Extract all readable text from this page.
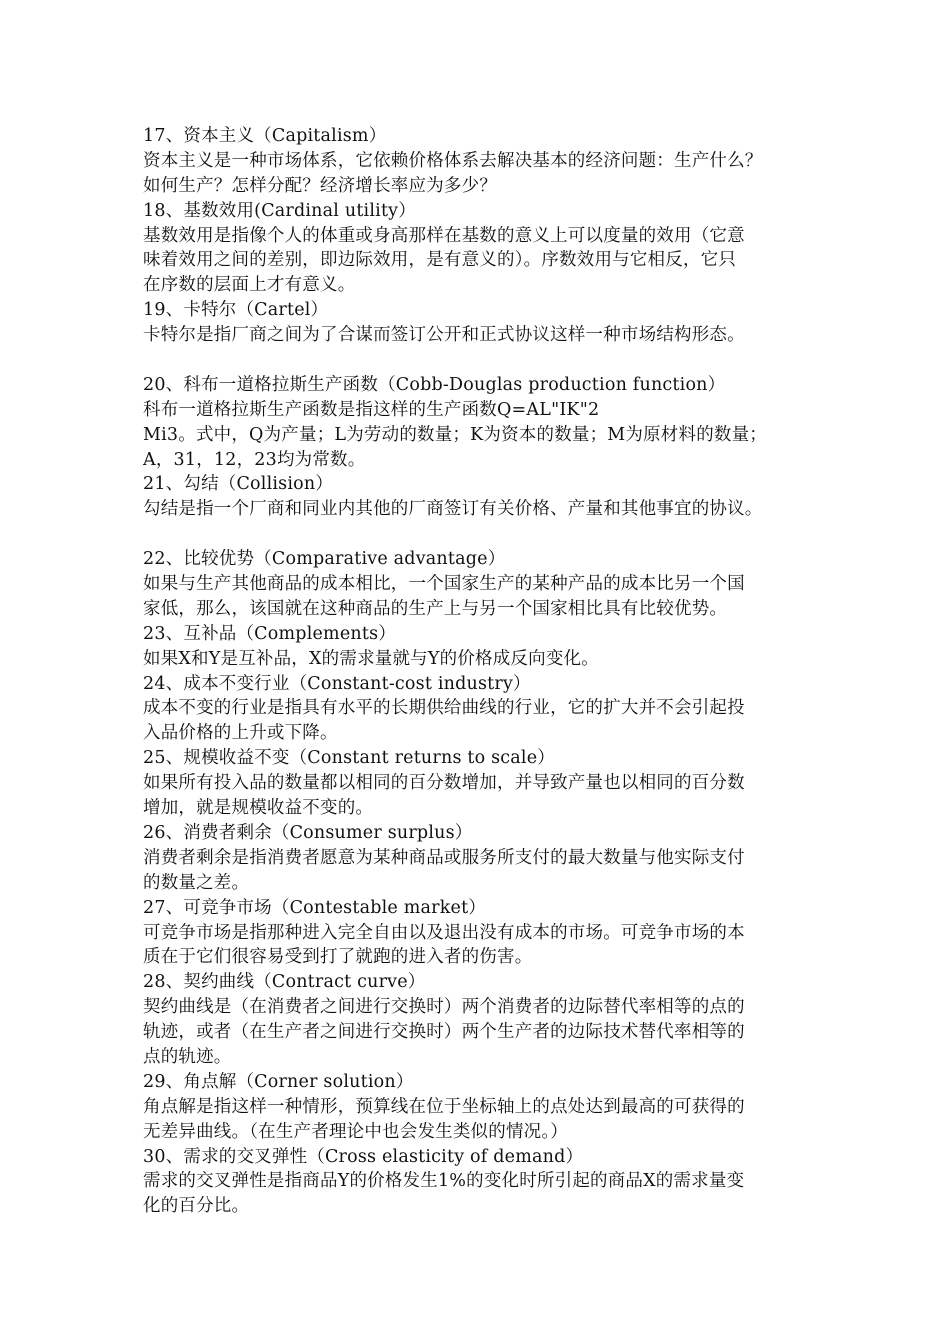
17、资本主义（Capitalism）
资本主义是一种市场体系，它依赖价格体系去解决基本的经济问题：生产什么？
如何生产？怎样分配？经济增长率应为多少？
18、基数效用(Cardinal utility）
基数效用是指像个人的体重或身高那样在基数的意义上可以度量的效用（它意
味着效用之间的差别，即边际效用，是有意义的）。序数效用与它相反，它只
在序数的层面上才有意义。
19、卡特尔（Cartel）
卡特尔是指厂商之间为了合谋而签订公开和正式协议这样一种市场结构形态。
20、科布一道格拉斯生产函数（Cobb-Douglas production function）
科布一道格拉斯生产函数是指这样的生产函数Q=AL"IK"2
Mi3。式中，Q为产量；L为劳动的数量；K为资本的数量；M为原材料的数量；
A，31，12，23均为常数。
21、勾结（Collision）
勾结是指一个厂商和同业内其他的厂商签订有关价格、产量和其他事宜的协议。
22、比较优势（Comparative advantage）
如果与生产其他商品的成本相比，一个国家生产的某种产品的成本比另一个国
家低，那么，该国就在这种商品的生产上与另一个国家相比具有比较优势。
23、互补品（Complements）
如果X和Y是互补品，X的需求量就与Y的价格成反向变化。
24、成本不变行业（Constant-cost industry）
成本不变的行业是指具有水平的长期供给曲线的行业，它的扩大并不会引起投
入品价格的上升或下降。
25、规模收益不变（Constant returns to scale）
如果所有投入品的数量都以相同的百分数增加，并导致产量也以相同的百分数
增加，就是规模收益不变的。
26、消费者剩余（Consumer surplus）
消费者剩余是指消费者愿意为某种商品或服务所支付的最大数量与他实际支付
的数量之差。
27、可竞争市场（Contestable market）
可竞争市场是指那种进入完全自由以及退出没有成本的市场。可竞争市场的本
质在于它们很容易受到打了就跑的进入者的伤害。
28、契约曲线（Contract curve）
契约曲线是（在消费者之间进行交换时）两个消费者的边际替代率相等的点的
轨迹，或者（在生产者之间进行交换时）两个生产者的边际技术替代率相等的
点的轨迹。
29、角点解（Corner solution）
角点解是指这样一种情形，预算线在位于坐标轴上的点处达到最高的可获得的
无差异曲线。（在生产者理论中也会发生类似的情况。）
30、需求的交叉弹性（Cross elasticity of demand）
需求的交叉弹性是指商品Y的价格发生1%的变化时所引起的商品X的需求量变
化的百分比。
